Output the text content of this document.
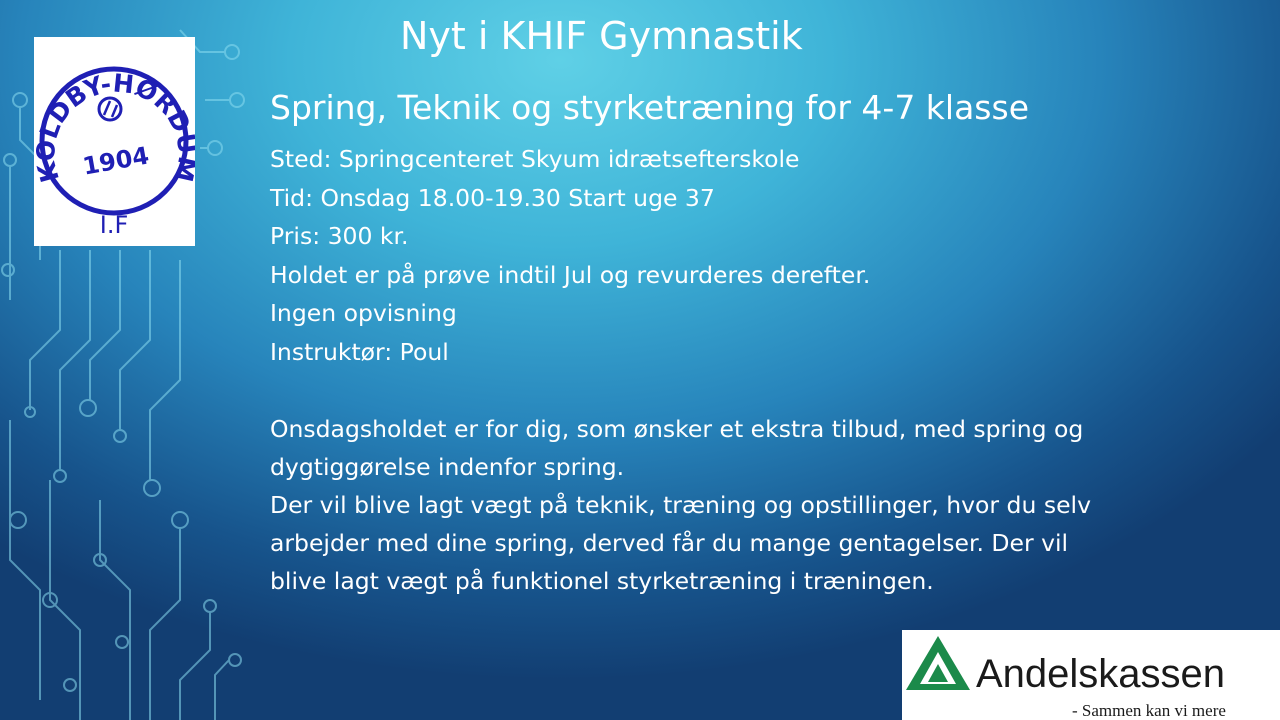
KOLDBY-HØRD
1904
I.F
Nyt i KHIF Gymnastik
Spring, Teknik og styrketræning for 4-7 klasse
Sted: Springcenteret Skyum idrætsefterskole
Tid: Onsdag 18.00-19.30 Start uge 37
Pris: 300 kr.
Holdet er på prøve indtil Jul og revurderes derefter.
Ingen opvisning
Instruktør: Poul
Onsdagsholdet er for dig, som ønsker et ekstra tilbud, med spring og
dygtiggørelse indenfor spring.
Der vil blive lagt vægt på teknik, træning og opstillinger, hvor du selv
arbejder med dine spring, derved får du mange gentagelser. Der vil
blive lagt vægt på funktionel styrketræning i træningen.
Andelskassen
- Sammen kan vi mere
